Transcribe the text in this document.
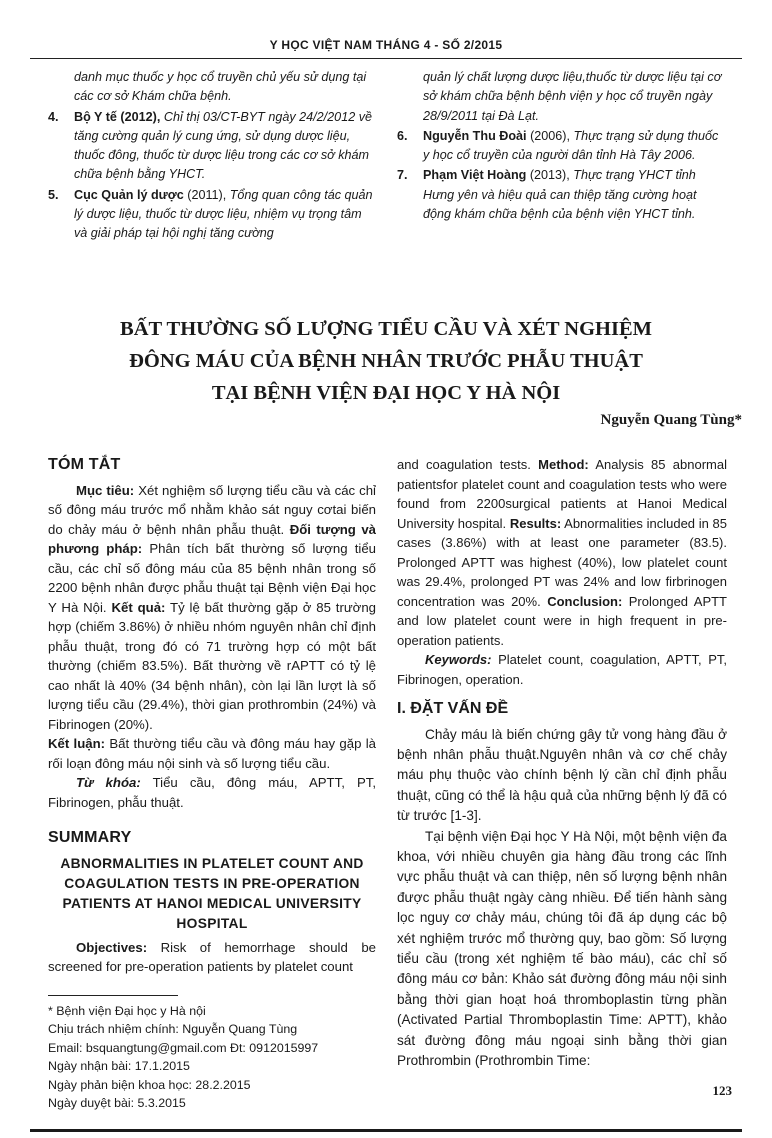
Y HỌC VIỆT NAM THÁNG 4 - SỐ 2/2015
danh mục thuốc y học cổ truyền chủ yếu sử dụng tại các cơ sở Khám chữa bệnh.
4. Bộ Y tế (2012), Chỉ thị 03/CT-BYT ngày 24/2/2012 về tăng cường quản lý cung ứng, sử dụng dược liệu, thuốc đông, thuốc từ dược liệu trong các cơ sở khám chữa bệnh bằng YHCT.
5. Cục Quản lý dược (2011), Tổng quan công tác quản lý dược liệu, thuốc từ dược liệu, nhiệm vụ trọng tâm và giải pháp tại hội nghị tăng cường
quản lý chất lượng dược liệu,thuốc từ dược liệu tại cơ sở khám chữa bệnh bệnh viện y học cổ truyền ngày 28/9/2011 tại Đà Lạt.
6. Nguyễn Thu Đoài (2006), Thực trạng sử dụng thuốc y học cổ truyền của người dân tỉnh Hà Tây 2006.
7. Phạm Việt Hoàng (2013), Thực trạng YHCT tỉnh Hưng yên và hiệu quả can thiệp tăng cường hoạt động khám chữa bệnh của bệnh viện YHCT tỉnh.
BẤT THƯỜNG SỐ LƯỢNG TIỂU CẦU VÀ XÉT NGHIỆM
ĐÔNG MÁU CỦA BỆNH NHÂN TRƯỚC PHẪU THUẬT
TẠI BỆNH VIỆN ĐẠI HỌC Y HÀ NỘI
Nguyễn Quang Tùng*
TÓM TẮT

Mục tiêu: Xét nghiệm số lượng tiểu cầu và các chỉ số đông máu trước mổ nhằm khảo sát nguy cơtai biến do chảy máu ở bệnh nhân phẫu thuật. Đối tượng và phương pháp: Phân tích bất thường số lượng tiểu cầu, các chỉ số đông máu của 85 bệnh nhân trong số 2200 bệnh nhân được phẫu thuật tại Bệnh viện Đại học Y Hà Nội. Kết quả: Tỷ lệ bất thường gặp ở 85 trường hợp (chiếm 3.86%) ở nhiều nhóm nguyên nhân chỉ định phẫu thuật, trong đó có 71 trường hợp có một bất thường (chiếm 83.5%). Bất thường về rAPTT có tỷ lệ cao nhất là 40% (34 bệnh nhân), còn lại lần lượt là số lượng tiểu cầu (29.4%), thời gian prothrombin (24%) và Fibrinogen (20%).

Kết luận: Bất thường tiểu cầu và đông máu hay gặp là rối loạn đông máu nội sinh và số lượng tiểu cầu.

Từ khóa: Tiểu cầu, đông máu, APTT, PT, Fibrinogen, phẫu thuật.

SUMMARY
ABNORMALITIES IN PLATELET COUNT AND COAGULATION TESTS IN PRE-OPERATION PATIENTS AT HANOI MEDICAL UNIVERSITY HOSPITAL

Objectives: Risk of hemorrhage should be screened for pre-operation patients by platelet count

* Bệnh viện Đại học y Hà nội
Chịu trách nhiệm chính: Nguyễn Quang Tùng
Email: bsquangtung@gmail.com Đt: 0912015997
Ngày nhận bài: 17.1.2015
Ngày phản biện khoa học: 28.2.2015
Ngày duyệt bài: 5.3.2015

and coagulation tests. Method: Analysis 85 abnormal patientsfor platelet count and coagulation tests who were found from 2200surgical patients at Hanoi Medical University hospital. Results: Abnormalities included in 85 cases (3.86%) with at least one parameter (83.5). Prolonged APTT was highest (40%), low platelet count was 29.4%, prolonged PT was 24% and low firbrinogen concentration was 20%. Conclusion: Prolonged APTT and low platelet count were in high frequent in pre-operation patients.

Keywords: Platelet count, coagulation, APTT, PT, Fibrinogen, operation.

I. ĐẶT VẤN ĐỀ

Chảy máu là biến chứng gây tử vong hàng đầu ở bệnh nhân phẫu thuật.Nguyên nhân và cơ chế chảy máu phụ thuộc vào chính bệnh lý cần chỉ định phẫu thuật, cũng có thể là hậu quả của những bệnh lý đã có từ trước [1-3].

Tại bệnh viện Đại học Y Hà Nội, một bệnh viện đa khoa, với nhiều chuyên gia hàng đầu trong các lĩnh vực phẫu thuật và can thiệp, nên số lượng bệnh nhân được phẫu thuật ngày càng nhiều. Để tiến hành sàng lọc nguy cơ chảy máu, chúng tôi đã áp dụng các bộ xét nghiệm trước mổ thường quy, bao gồm: Số lượng tiểu cầu (trong xét nghiệm tế bào máu), các chỉ số đông máu cơ bản: Khảo sát đường đông máu nội sinh bằng thời gian hoạt hoá thromboplastin từng phần (Activated Partial Thromboplastin Time: APTT), khảo sát đường đông máu ngoại sinh bằng thời gian Prothrombin (Prothrombin Time:

123
